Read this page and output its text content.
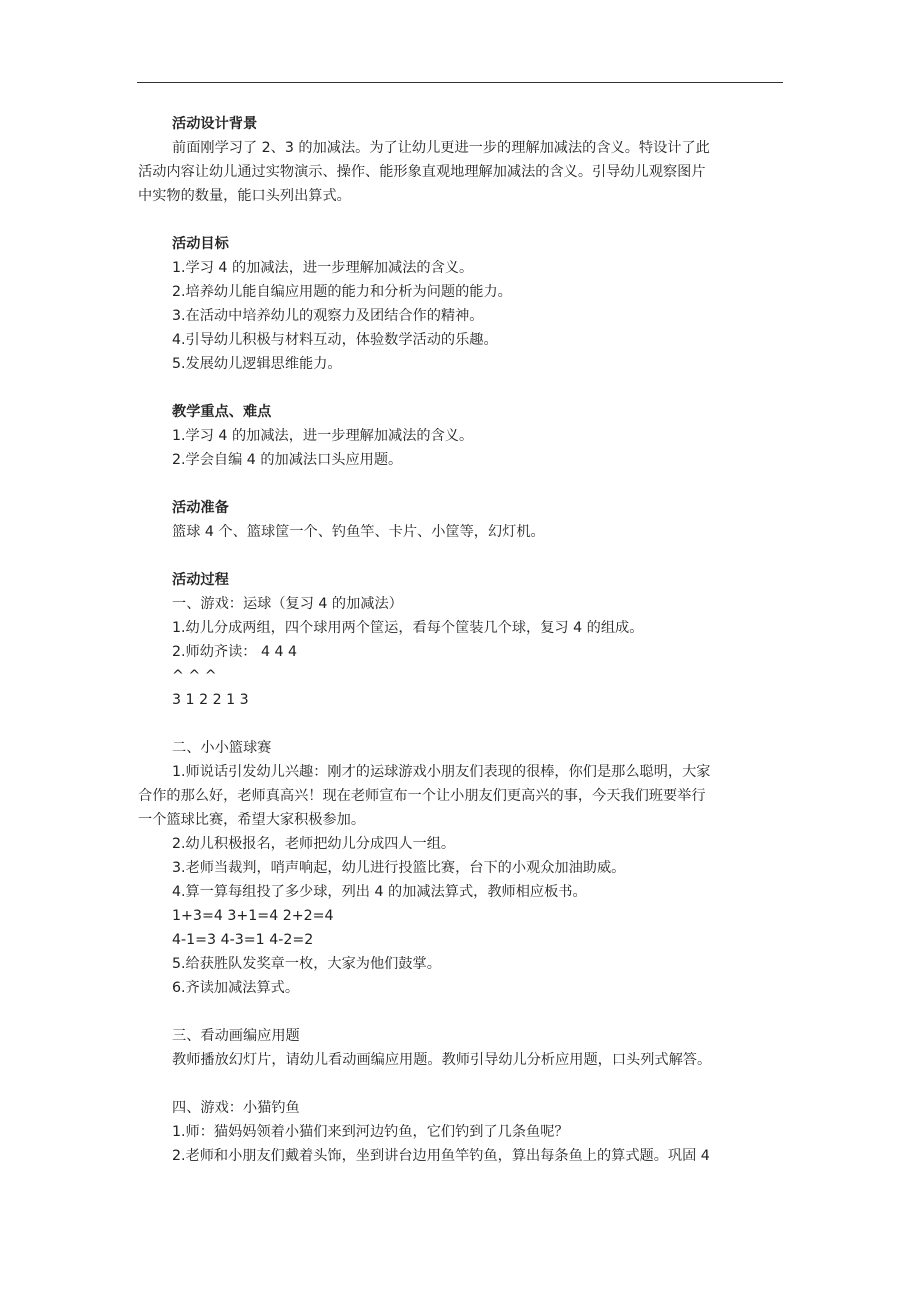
活动设计背景
前面刚学习了 2、3 的加减法。为了让幼儿更进一步的理解加减法的含义。特设计了此
活动内容让幼儿通过实物演示、操作、能形象直观地理解加减法的含义。引导幼儿观察图片
中实物的数量，能口头列出算式。
活动目标
1.学习 4 的加减法，进一步理解加减法的含义。
2.培养幼儿能自编应用题的能力和分析为问题的能力。
3.在活动中培养幼儿的观察力及团结合作的精神。
4.引导幼儿积极与材料互动，体验数学活动的乐趣。
5.发展幼儿逻辑思维能力。
教学重点、难点
1.学习 4 的加减法，进一步理解加减法的含义。
2.学会自编 4 的加减法口头应用题。
活动准备
篮球 4 个、篮球筐一个、钓鱼竿、卡片、小筐等，幻灯机。
活动过程
一、游戏：运球（复习 4 的加减法）
1.幼儿分成两组，四个球用两个筐运，看每个筐装几个球，复习 4 的组成。
2.师幼齐读： 4 4 4
^ ^ ^
3 1 2 2 1 3
二、小小篮球赛
1.师说话引发幼儿兴趣：刚才的运球游戏小朋友们表现的很棒，你们是那么聪明，大家
合作的那么好，老师真高兴！现在老师宣布一个让小朋友们更高兴的事，今天我们班要举行
一个篮球比赛，希望大家积极参加。
2.幼儿积极报名，老师把幼儿分成四人一组。
3.老师当裁判，哨声响起，幼儿进行投篮比赛，台下的小观众加油助威。
4.算一算每组投了多少球，列出 4 的加减法算式，教师相应板书。
1+3=4 3+1=4 2+2=4
4-1=3 4-3=1 4-2=2
5.给获胜队发奖章一枚，大家为他们鼓掌。
6.齐读加减法算式。
三、看动画编应用题
教师播放幻灯片，请幼儿看动画编应用题。教师引导幼儿分析应用题，口头列式解答。
四、游戏：小猫钓鱼
1.师：猫妈妈领着小猫们来到河边钓鱼，它们钓到了几条鱼呢？
2.老师和小朋友们戴着头饰，坐到讲台边用鱼竿钓鱼，算出每条鱼上的算式题。巩固 4
